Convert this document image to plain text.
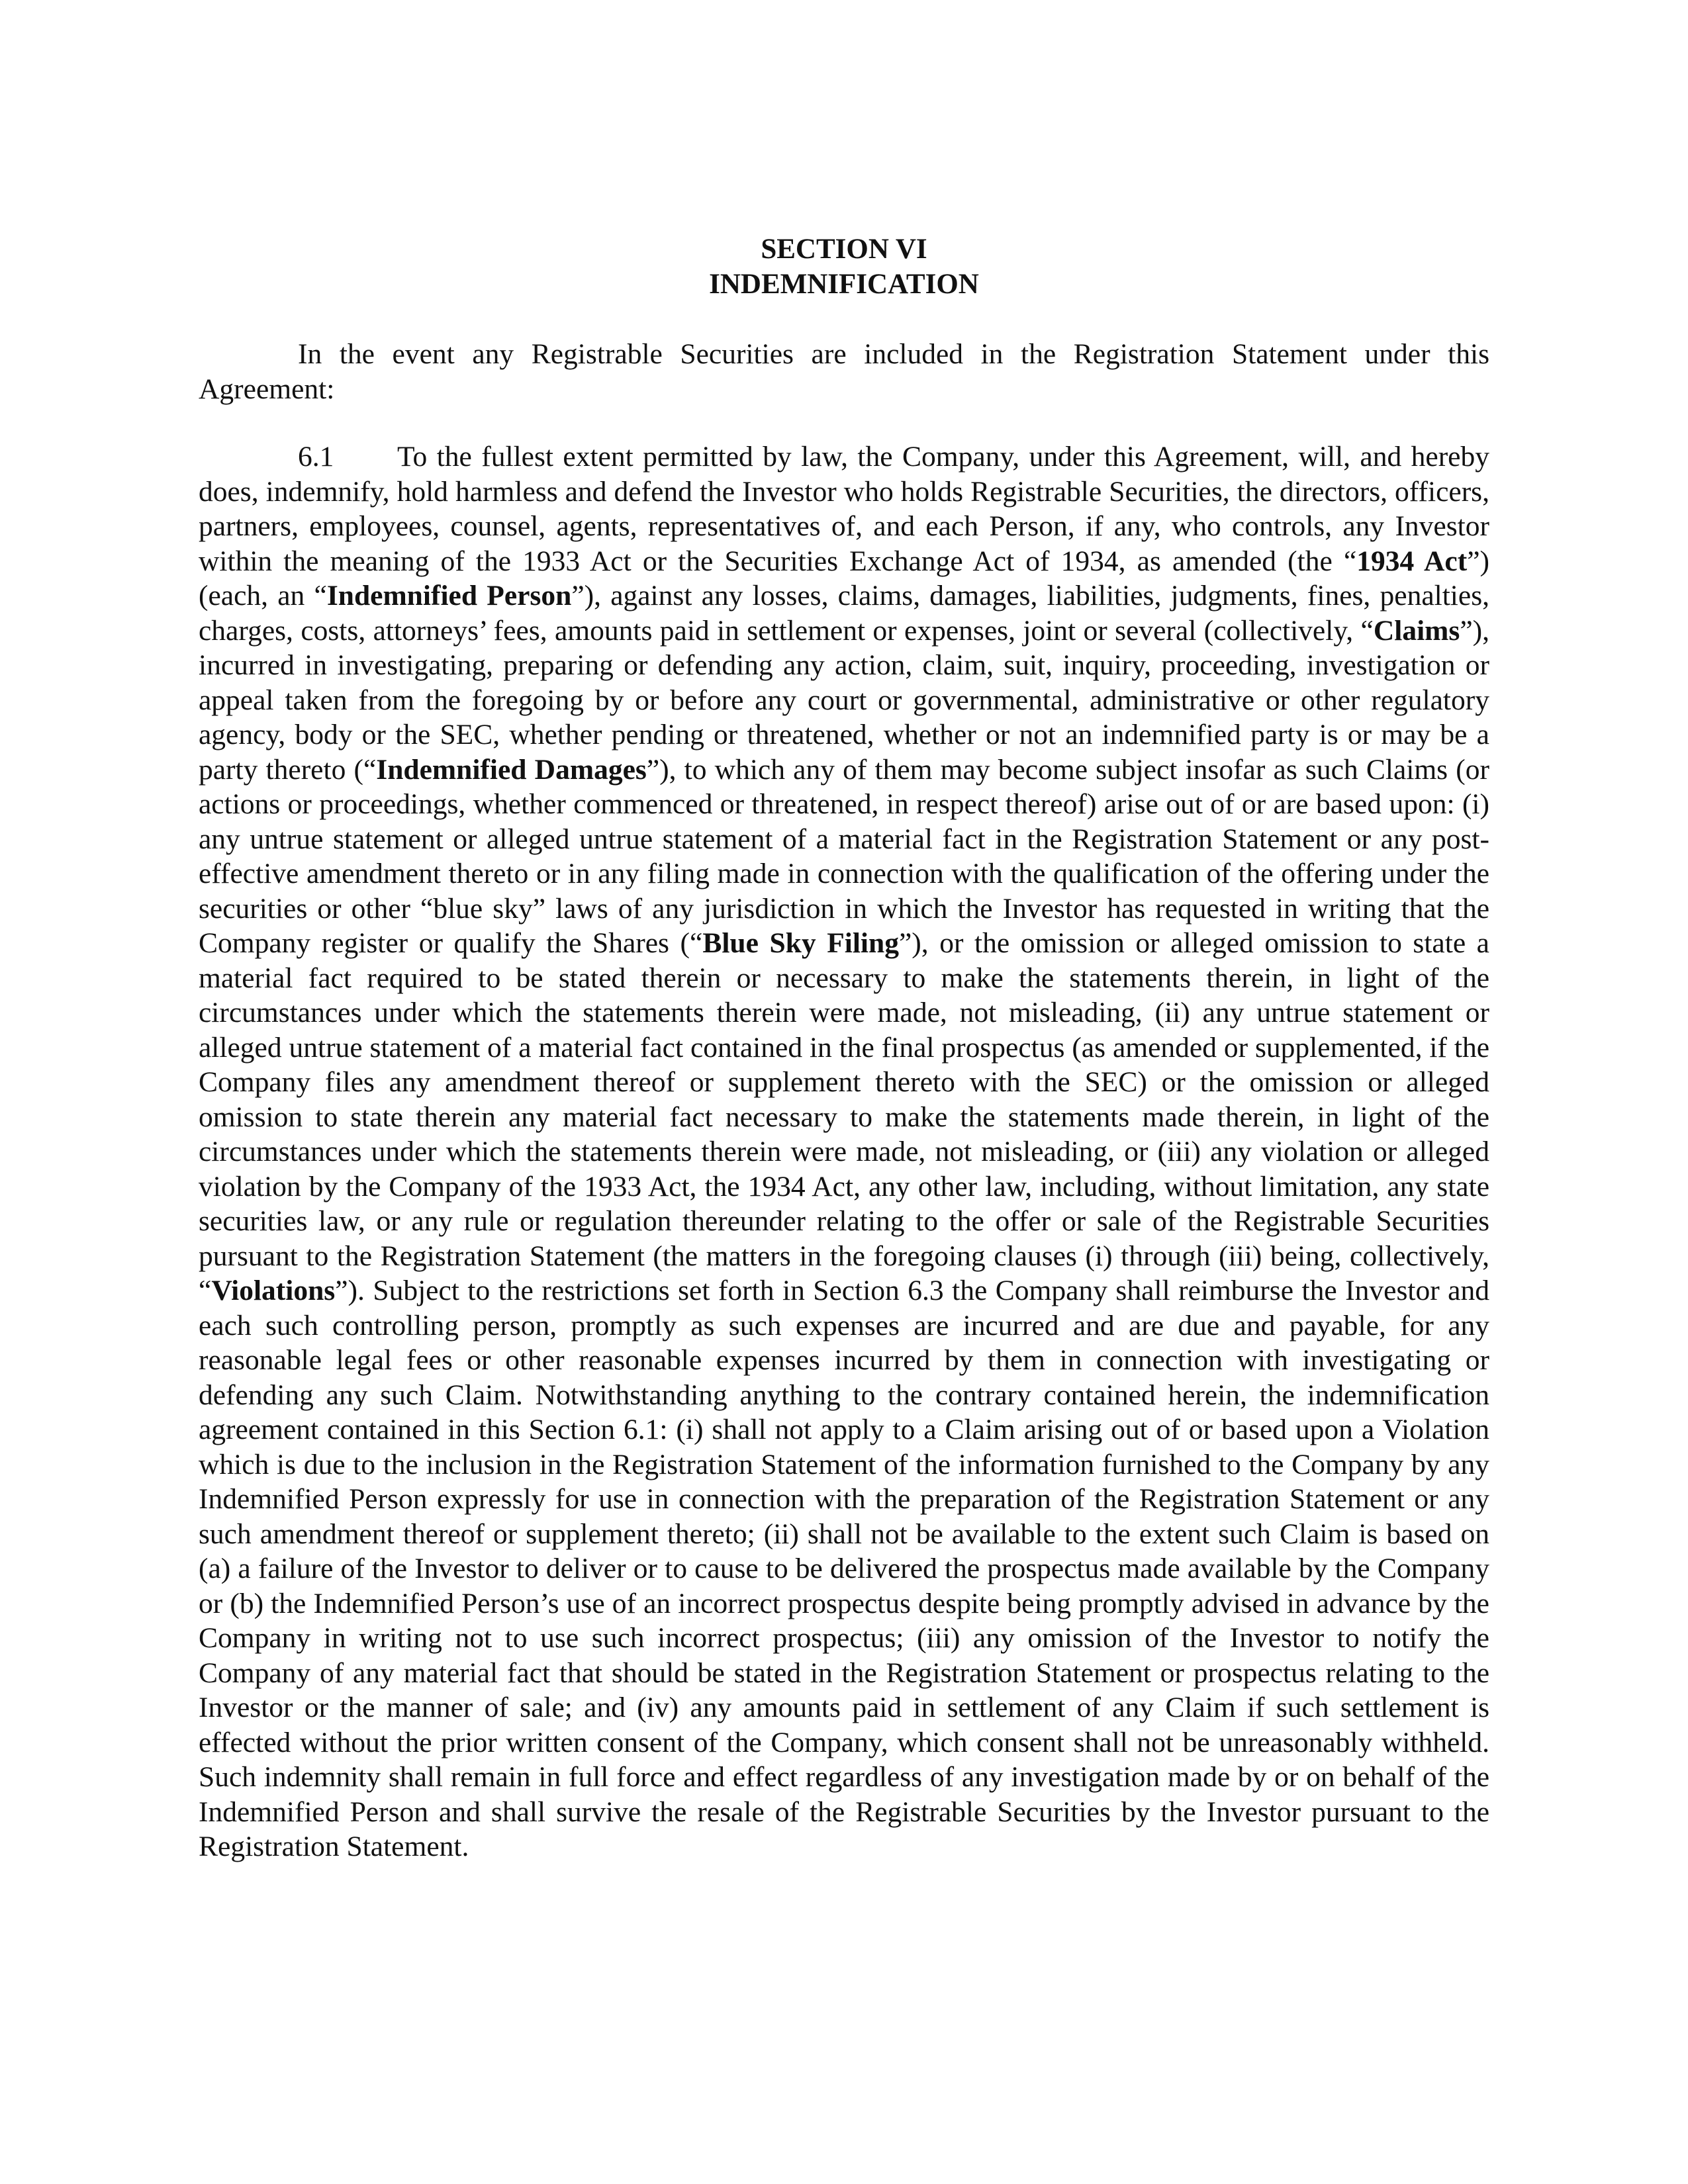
SECTION VI
INDEMNIFICATION

In the event any Registrable Securities are included in the Registration Statement under this Agreement:

6.1 To the fullest extent permitted by law, the Company, under this Agreement, will, and hereby does, indemnify, hold harmless and defend the Investor who holds Registrable Securities, the directors, officers, partners, employees, counsel, agents, representatives of, and each Person, if any, who controls, any Investor within the meaning of the 1933 Act or the Securities Exchange Act of 1934, as amended (the “1934 Act”) (each, an “Indemnified Person”), against any losses, claims, damages, liabilities, judgments, fines, penalties, charges, costs, attorneys’ fees, amounts paid in settlement or expenses, joint or several (collectively, “Claims”), incurred in investigating, preparing or defending any action, claim, suit, inquiry, proceeding, investigation or appeal taken from the foregoing by or before any court or governmental, administrative or other regulatory agency, body or the SEC, whether pending or threatened, whether or not an indemnified party is or may be a party thereto (“Indemnified Damages”), to which any of them may become subject insofar as such Claims (or actions or proceedings, whether commenced or threatened, in respect thereof) arise out of or are based upon: (i) any untrue statement or alleged untrue statement of a material fact in the Registration Statement or any post-effective amendment thereto or in any filing made in connection with the qualification of the offering under the securities or other “blue sky” laws of any jurisdiction in which the Investor has requested in writing that the Company register or qualify the Shares (“Blue Sky Filing”), or the omission or alleged omission to state a material fact required to be stated therein or necessary to make the statements therein, in light of the circumstances under which the statements therein were made, not misleading, (ii) any untrue statement or alleged untrue statement of a material fact contained in the final prospectus (as amended or supplemented, if the Company files any amendment thereof or supplement thereto with the SEC) or the omission or alleged omission to state therein any material fact necessary to make the statements made therein, in light of the circumstances under which the statements therein were made, not misleading, or (iii) any violation or alleged violation by the Company of the 1933 Act, the 1934 Act, any other law, including, without limitation, any state securities law, or any rule or regulation thereunder relating to the offer or sale of the Registrable Securities pursuant to the Registration Statement (the matters in the foregoing clauses (i) through (iii) being, collectively, “Violations”). Subject to the restrictions set forth in Section 6.3 the Company shall reimburse the Investor and each such controlling person, promptly as such expenses are incurred and are due and payable, for any reasonable legal fees or other reasonable expenses incurred by them in connection with investigating or defending any such Claim. Notwithstanding anything to the contrary contained herein, the indemnification agreement contained in this Section 6.1: (i) shall not apply to a Claim arising out of or based upon a Violation which is due to the inclusion in the Registration Statement of the information furnished to the Company by any Indemnified Person expressly for use in connection with the preparation of the Registration Statement or any such amendment thereof or supplement thereto; (ii) shall not be available to the extent such Claim is based on (a) a failure of the Investor to deliver or to cause to be delivered the prospectus made available by the Company or (b) the Indemnified Person’s use of an incorrect prospectus despite being promptly advised in advance by the Company in writing not to use such incorrect prospectus; (iii) any omission of the Investor to notify the Company of any material fact that should be stated in the Registration Statement or prospectus relating to the Investor or the manner of sale; and (iv) any amounts paid in settlement of any Claim if such settlement is effected without the prior written consent of the Company, which consent shall not be unreasonably withheld. Such indemnity shall remain in full force and effect regardless of any investigation made by or on behalf of the Indemnified Person and shall survive the resale of the Registrable Securities by the Investor pursuant to the Registration Statement.
